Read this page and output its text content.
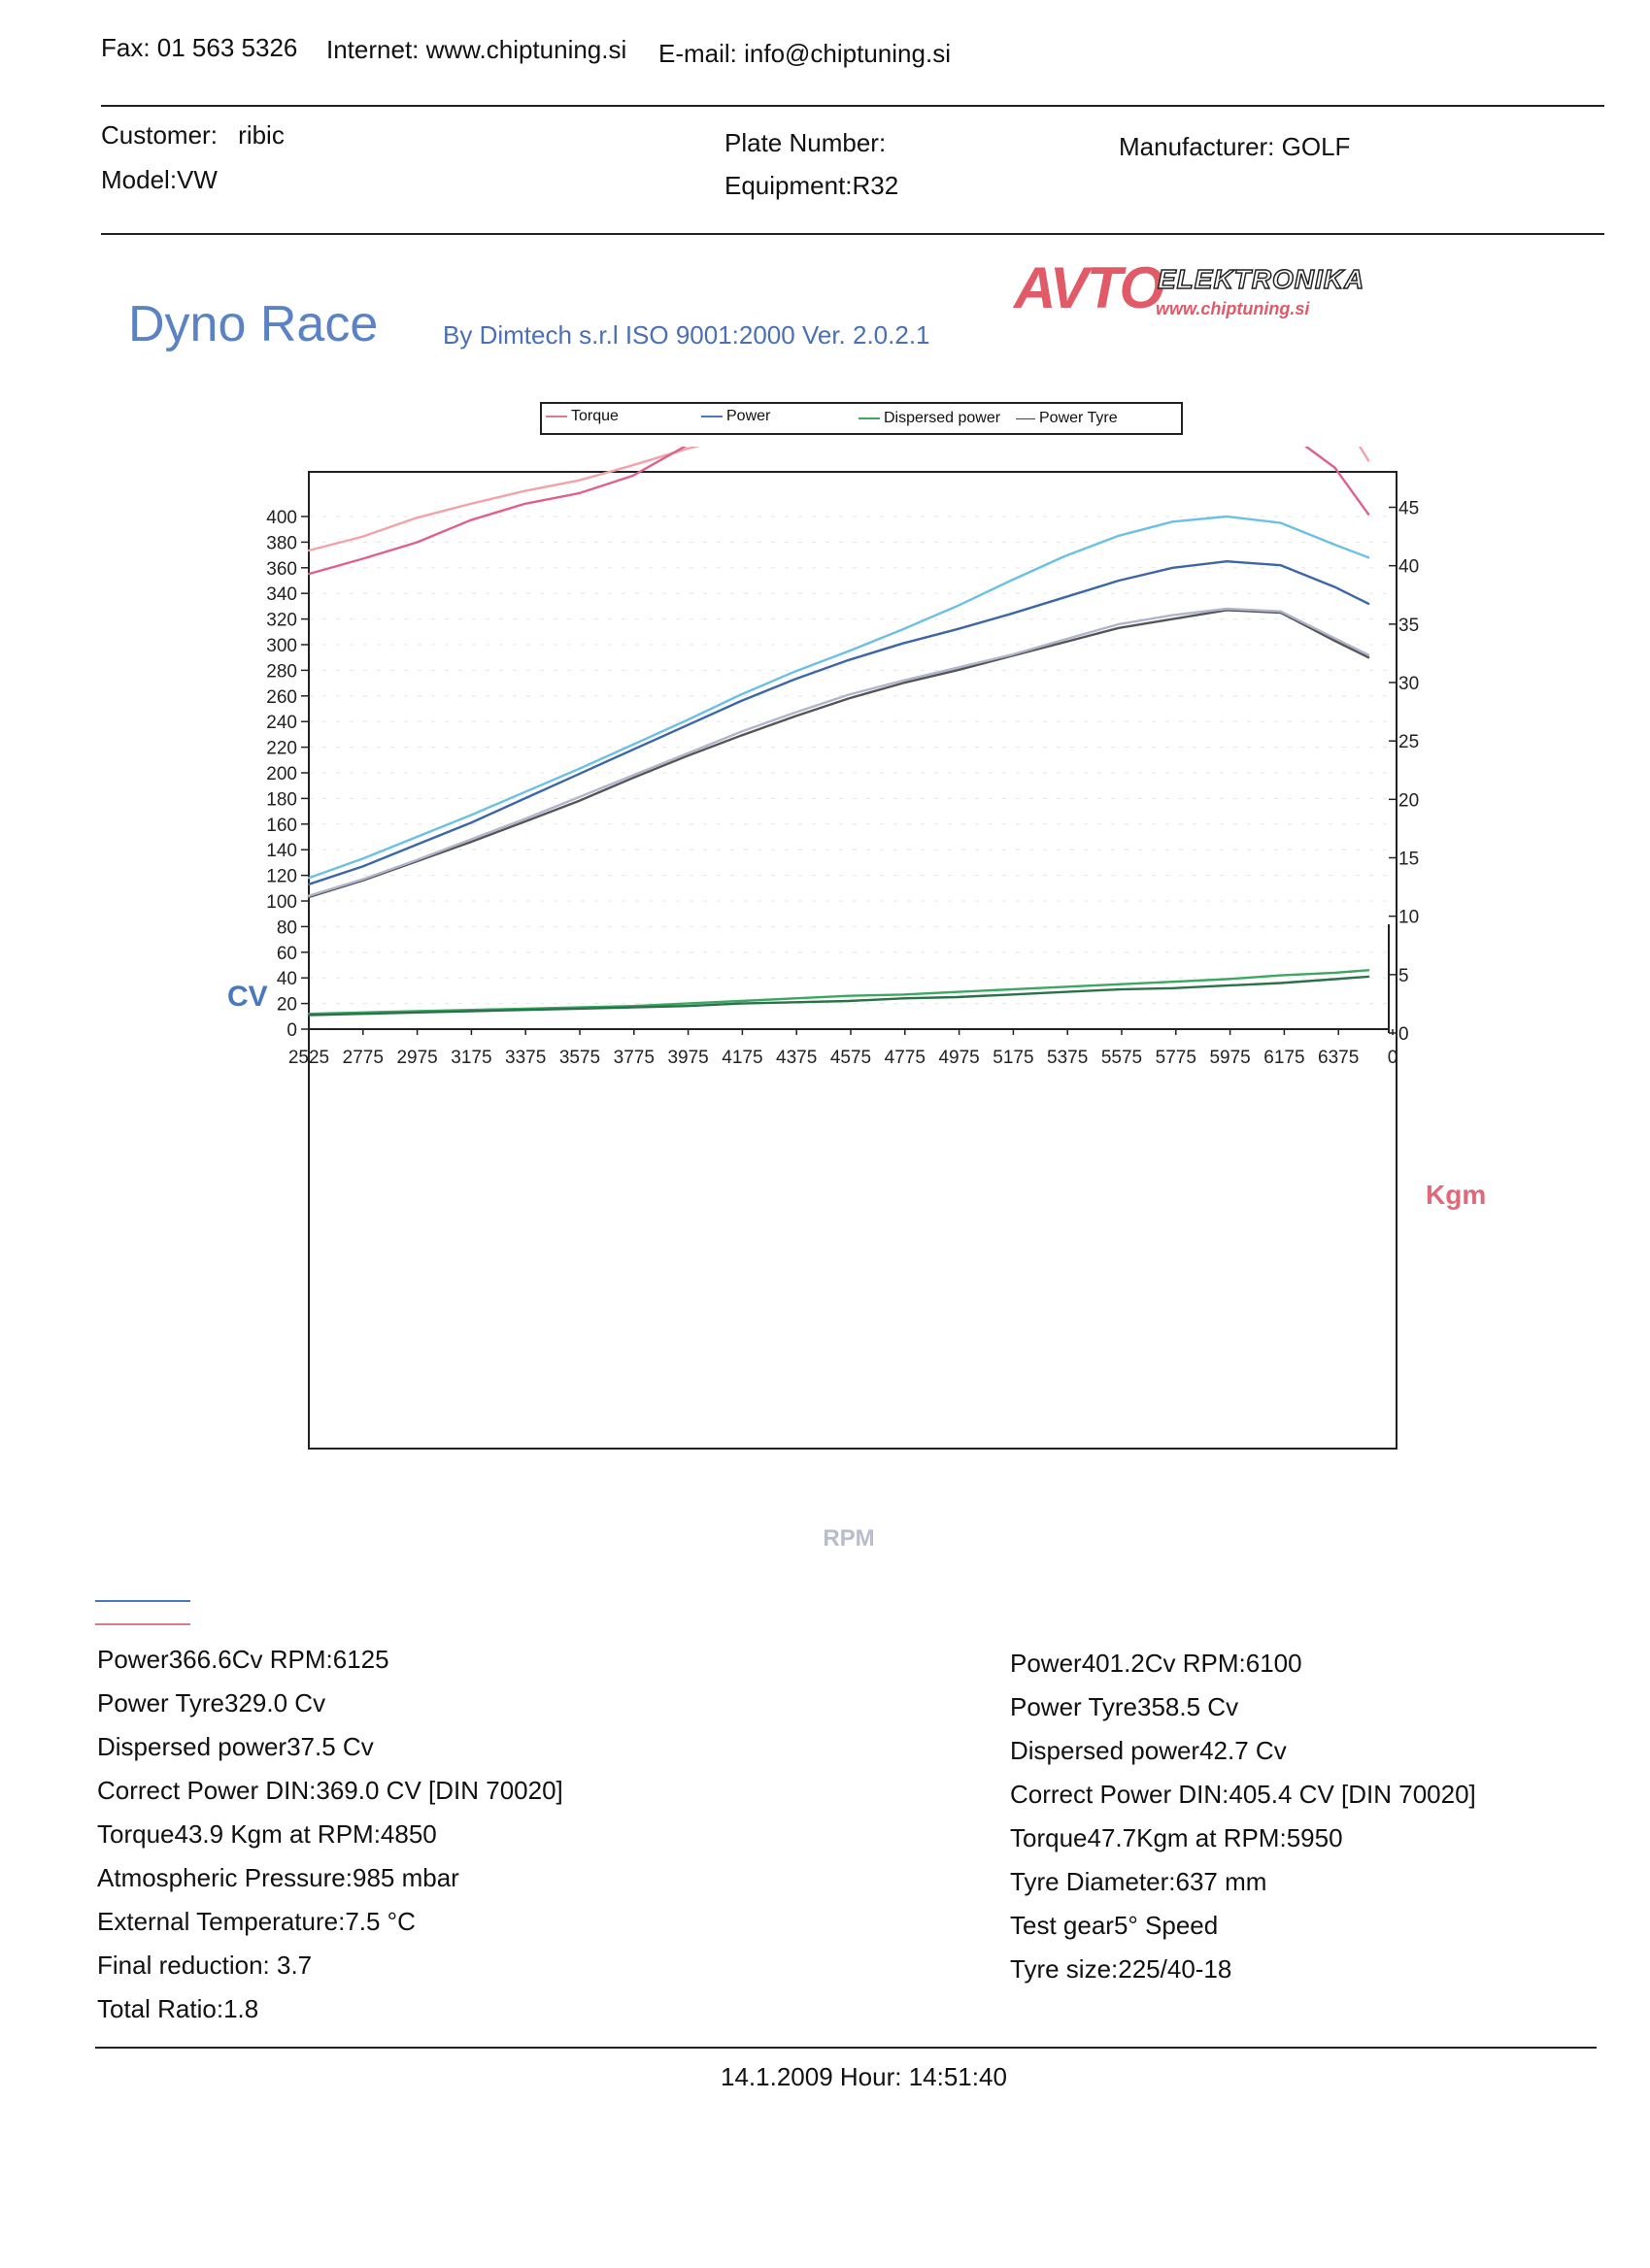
Fax: 01 563 5326 Internet: www.chiptuning.si E-mail: info@chiptuning.si
Customer: ribic
Model:VW
Plate Number:
Equipment:R32
Manufacturer: GOLF
Dyno Race	By Dimtech s.r.l ISO 9001:2000 Ver. 2.0.2.1
AVTO
ELEKTRONIKA
www.chiptuning.si
Torque	Power	Dispersed power Power Tyre
0
20
40
60
80
100
120
140
160
180
200
220
240
260
280
300
320
340
360
380
400
0
5
10
15
20
25
30
35
40
45
2525 2775 2975 3175 3375 3575 3775 3975 4175 4375 4575 4775 4975 5175 5375 5575 5775 5975 6175 6375 0
CV
Kgm
RPM
Power366.6Cv RPM:6125
Power Tyre329.0 Cv
Dispersed power37.5 Cv
Correct Power DIN:369.0 CV [DIN 70020]
Torque43.9 Kgm at RPM:4850
Atmospheric Pressure:985 mbar
External Temperature:7.5 °C
Final reduction: 3.7
Total Ratio:1.8
Power401.2Cv RPM:6100
Power Tyre358.5 Cv
Dispersed power42.7 Cv
Correct Power DIN:405.4 CV [DIN 70020]
Torque47.7Kgm at RPM:5950
Tyre Diameter:637 mm
Test gear5° Speed
Tyre size:225/40-18
14.1.2009 Hour: 14:51:40
